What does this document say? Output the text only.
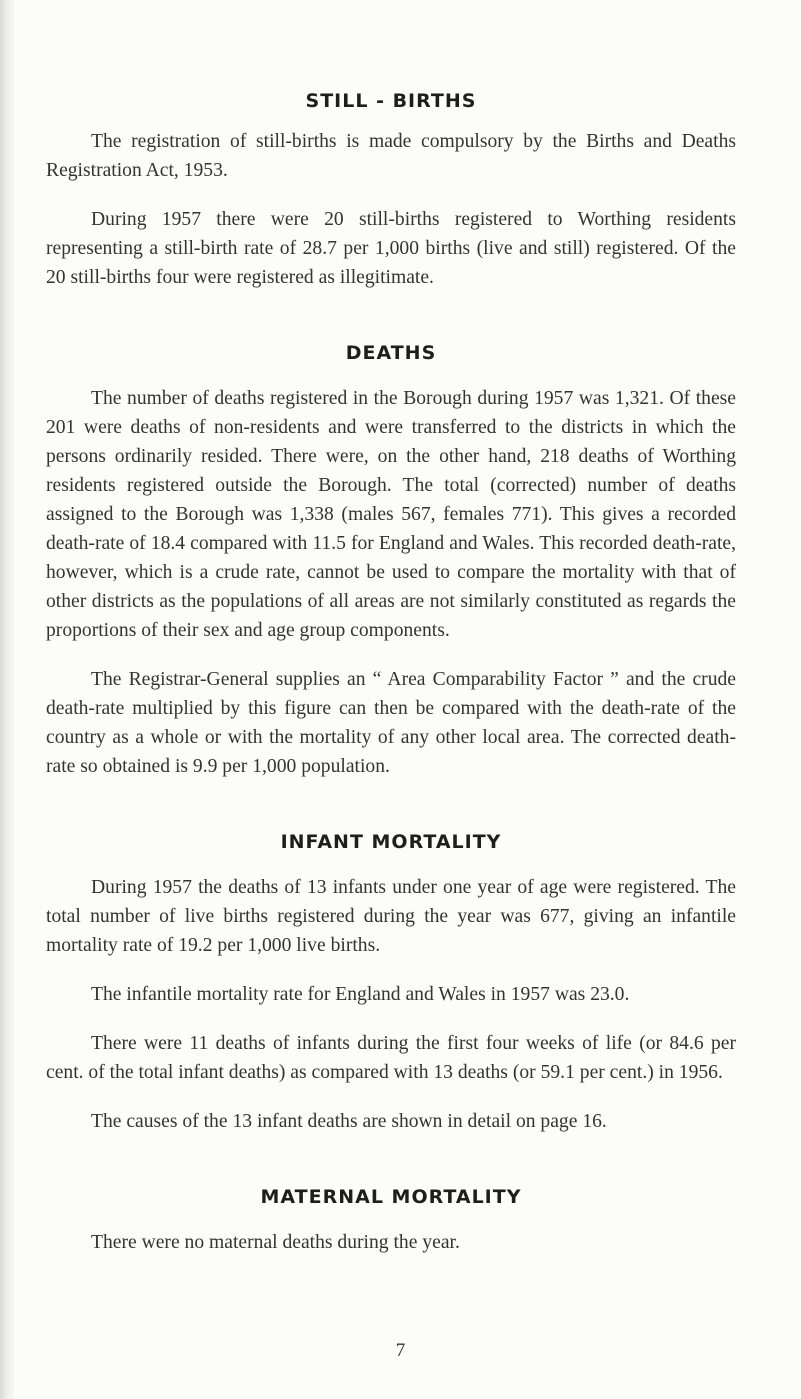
STILL - BIRTHS

The registration of still-births is made compulsory by the Births and Deaths Registration Act, 1953.

During 1957 there were 20 still-births registered to Worthing residents representing a still-birth rate of 28.7 per 1,000 births (live and still) registered. Of the 20 still-births four were registered as illegitimate.

DEATHS

The number of deaths registered in the Borough during 1957 was 1,321. Of these 201 were deaths of non-residents and were transferred to the districts in which the persons ordinarily resided. There were, on the other hand, 218 deaths of Worthing residents registered outside the Borough. The total (corrected) number of deaths assigned to the Borough was 1,338 (males 567, females 771). This gives a recorded death-rate of 18.4 compared with 11.5 for England and Wales. This recorded death-rate, however, which is a crude rate, cannot be used to compare the mortality with that of other districts as the populations of all areas are not similarly constituted as regards the proportions of their sex and age group components.

The Registrar-General supplies an “ Area Comparability Factor ” and the crude death-rate multiplied by this figure can then be compared with the death-rate of the country as a whole or with the mortality of any other local area. The corrected death-rate so obtained is 9.9 per 1,000 population.

INFANT MORTALITY

During 1957 the deaths of 13 infants under one year of age were registered. The total number of live births registered during the year was 677, giving an infantile mortality rate of 19.2 per 1,000 live births.

The infantile mortality rate for England and Wales in 1957 was 23.0.

There were 11 deaths of infants during the first four weeks of life (or 84.6 per cent. of the total infant deaths) as compared with 13 deaths (or 59.1 per cent.) in 1956.

The causes of the 13 infant deaths are shown in detail on page 16.

MATERNAL MORTALITY

There were no maternal deaths during the year.

7
